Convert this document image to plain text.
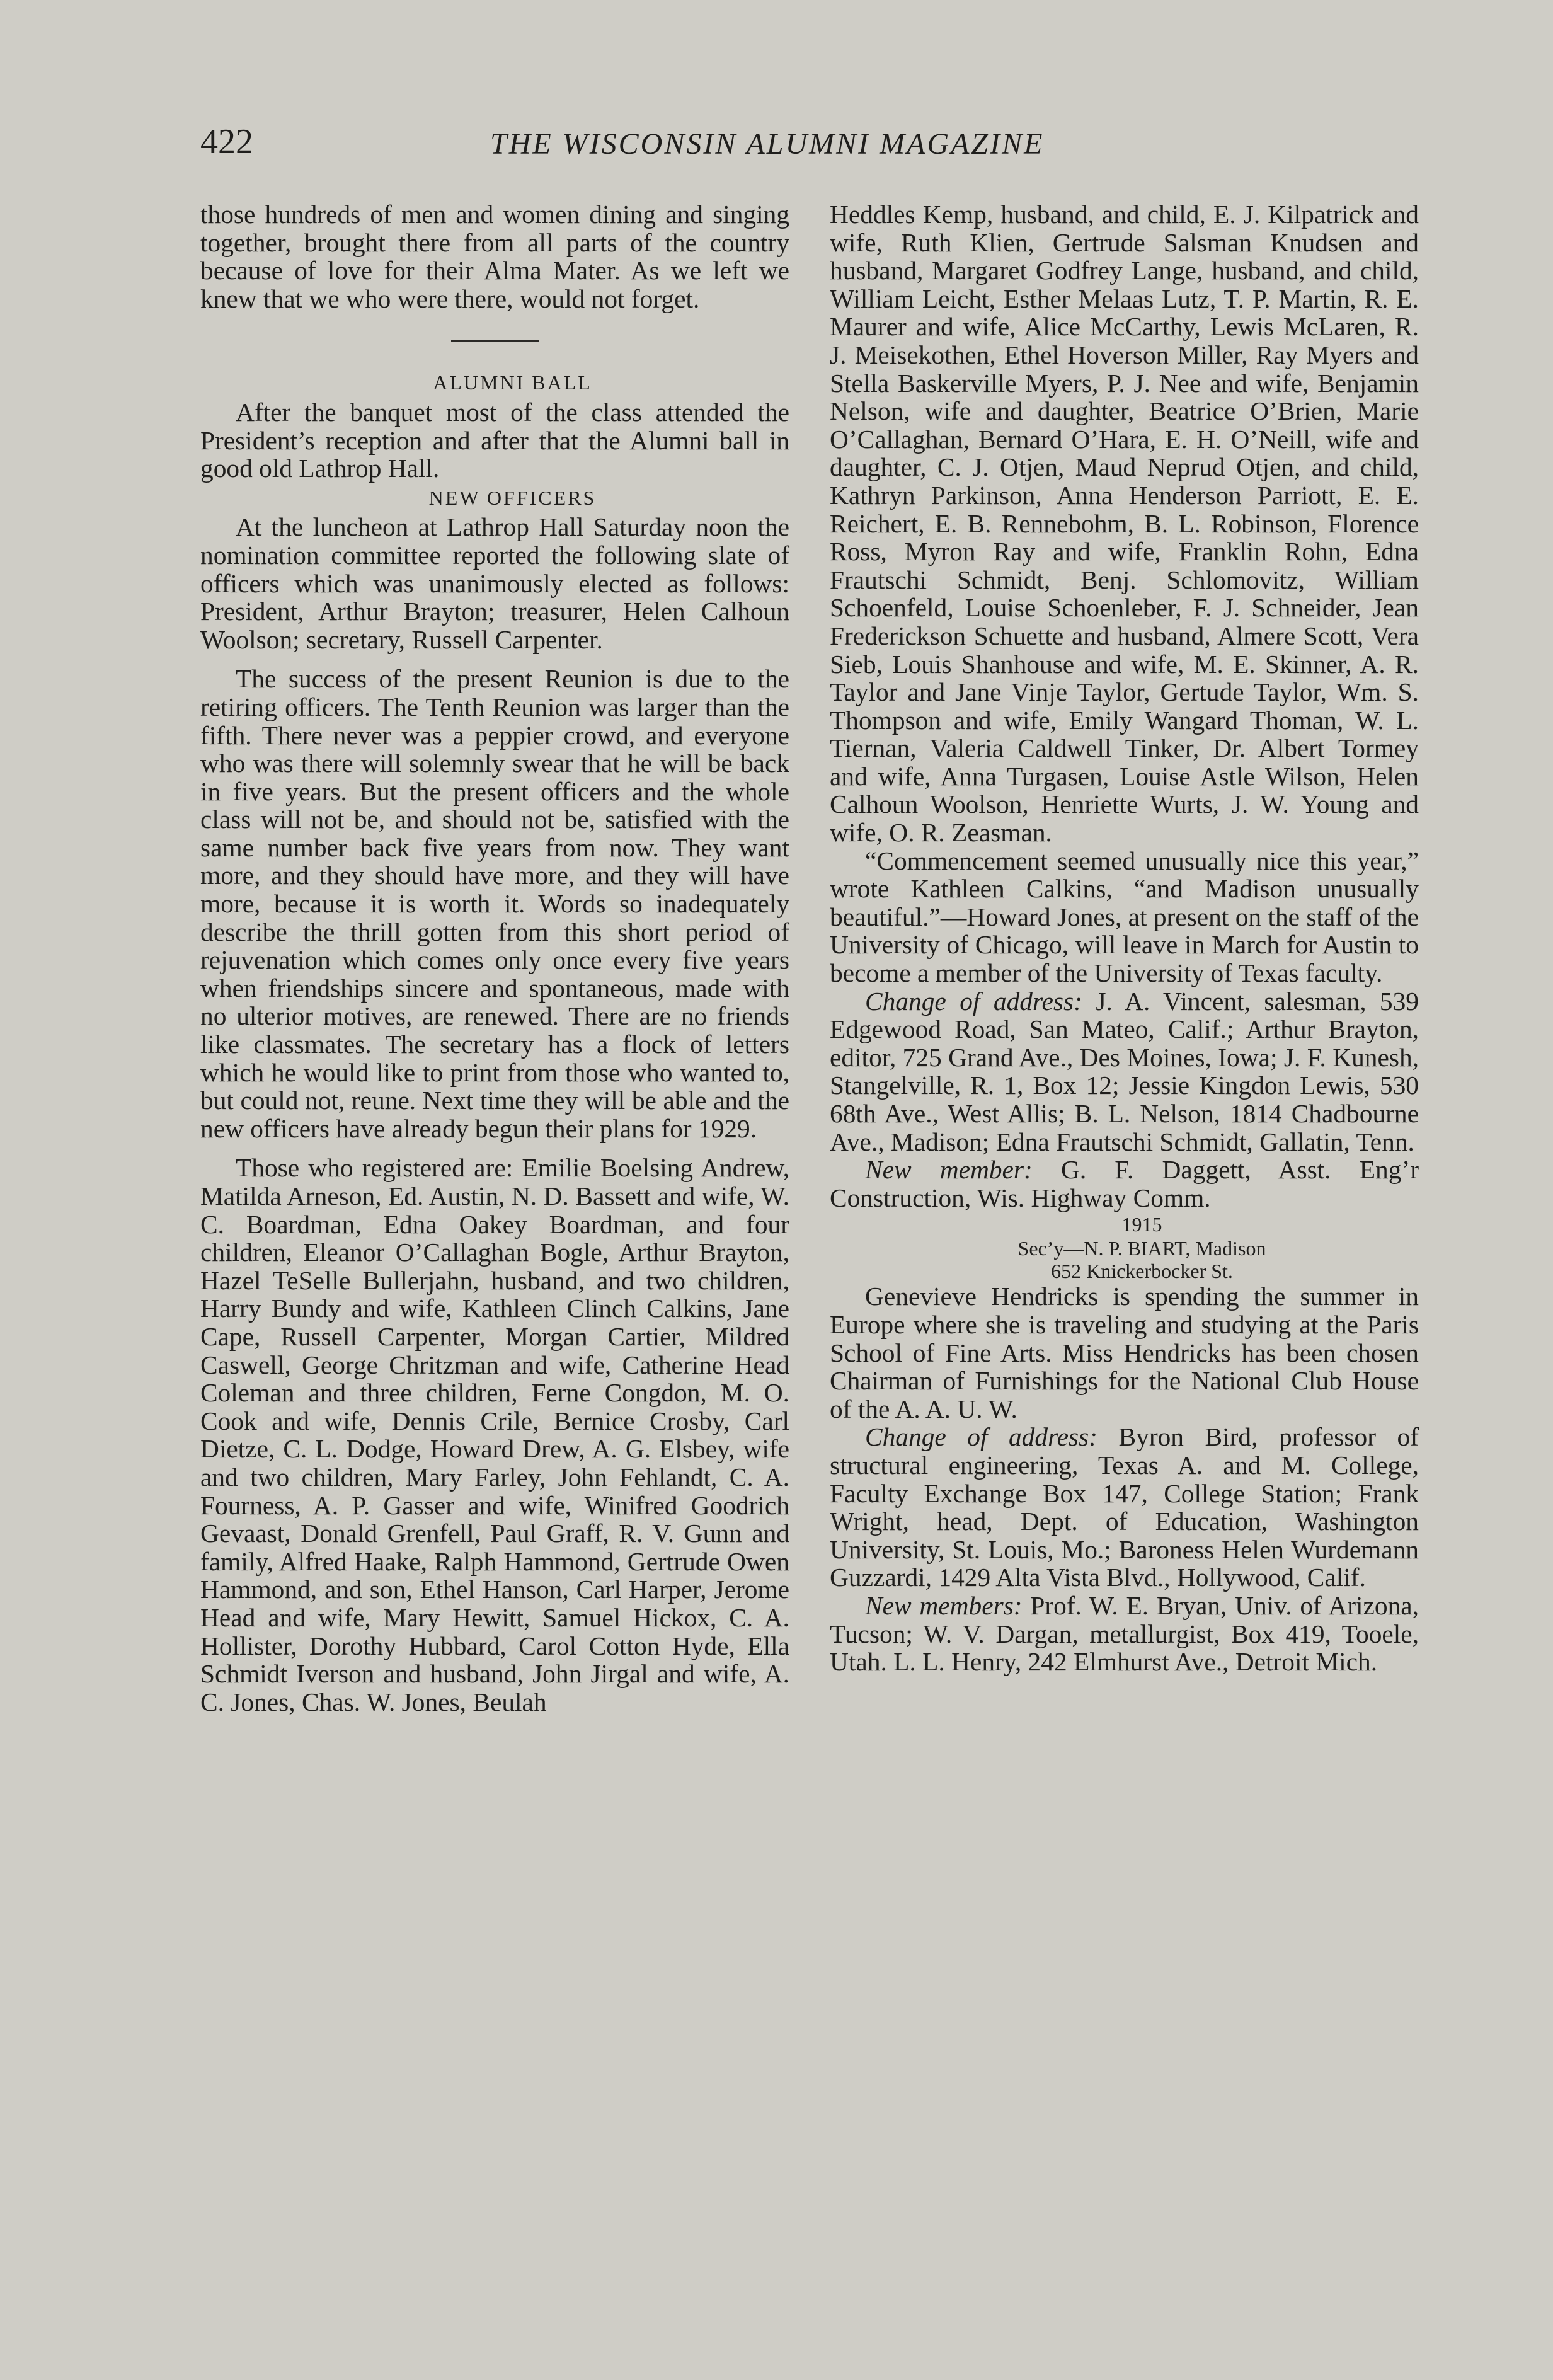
422	THE WISCONSIN ALUMNI MAGAZINE

those hundreds of men and women dining and singing together, brought there from all parts of the country because of love for their Alma Mater. As we left we knew that we who were there, would not forget.

ALUMNI BALL

After the banquet most of the class attended the President’s reception and after that the Alumni ball in good old Lathrop Hall.

NEW OFFICERS

At the luncheon at Lathrop Hall Saturday noon the nomination committee reported the following slate of officers which was unanimously elected as follows: President, Arthur Brayton; treasurer, Helen Calhoun Woolson; secretary, Russell Carpenter.

The success of the present Reunion is due to the retiring officers. The Tenth Reunion was larger than the fifth. There never was a peppier crowd, and everyone who was there will solemnly swear that he will be back in five years. But the present officers and the whole class will not be, and should not be, satisfied with the same number back five years from now. They want more, and they should have more, and they will have more, because it is worth it. Words so inadequately describe the thrill gotten from this short period of rejuvenation which comes only once every five years when friendships sincere and spontaneous, made with no ulterior motives, are renewed. There are no friends like classmates. The secretary has a flock of letters which he would like to print from those who wanted to, but could not, reune. Next time they will be able and the new officers have already begun their plans for 1929.

Those who registered are: Emilie Boelsing Andrew, Matilda Arneson, Ed. Austin, N. D. Bassett and wife, W. C. Boardman, Edna Oakey Boardman, and four children, Eleanor O’Callaghan Bogle, Arthur Brayton, Hazel TeSelle Bullerjahn, husband, and two children, Harry Bundy and wife, Kathleen Clinch Calkins, Jane Cape, Russell Carpenter, Morgan Cartier, Mildred Caswell, George Chritzman and wife, Catherine Head Coleman and three children, Ferne Congdon, M. O. Cook and wife, Dennis Crile, Bernice Crosby, Carl Dietze, C. L. Dodge, Howard Drew, A. G. Elsbey, wife and two children, Mary Farley, John Fehlandt, C. A. Fourness, A. P. Gasser and wife, Winifred Goodrich Gevaast, Donald Grenfell, Paul Graff, R. V. Gunn and family, Alfred Haake, Ralph Hammond, Gertrude Owen Hammond, and son, Ethel Hanson, Carl Harper, Jerome Head and wife, Mary Hewitt, Samuel Hickox, C. A. Hollister, Dorothy Hubbard, Carol Cotton Hyde, Ella Schmidt Iverson and husband, John Jirgal and wife, A. C. Jones, Chas. W. Jones, Beulah

Heddles Kemp, husband, and child, E. J. Kilpatrick and wife, Ruth Klien, Gertrude Salsman Knudsen and husband, Margaret Godfrey Lange, husband, and child, William Leicht, Esther Melaas Lutz, T. P. Martin, R. E. Maurer and wife, Alice McCarthy, Lewis McLaren, R. J. Meisekothen, Ethel Hoverson Miller, Ray Myers and Stella Baskerville Myers, P. J. Nee and wife, Benjamin Nelson, wife and daughter, Beatrice O’Brien, Marie O’Callaghan, Bernard O’Hara, E. H. O’Neill, wife and daughter, C. J. Otjen, Maud Neprud Otjen, and child, Kathryn Parkinson, Anna Henderson Parriott, E. E. Reichert, E. B. Rennebohm, B. L. Robinson, Florence Ross, Myron Ray and wife, Franklin Rohn, Edna Frautschi Schmidt, Benj. Schlomovitz, William Schoenfeld, Louise Schoenleber, F. J. Schneider, Jean Frederickson Schuette and husband, Almere Scott, Vera Sieb, Louis Shanhouse and wife, M. E. Skinner, A. R. Taylor and Jane Vinje Taylor, Gertude Taylor, Wm. S. Thompson and wife, Emily Wangard Thoman, W. L. Tiernan, Valeria Caldwell Tinker, Dr. Albert Tormey and wife, Anna Turgasen, Louise Astle Wilson, Helen Calhoun Woolson, Henriette Wurts, J. W. Young and wife, O. R. Zeasman.

“Commencement seemed unusually nice this year,” wrote Kathleen Calkins, “and Madison unusually beautiful.”—Howard Jones, at present on the staff of the University of Chicago, will leave in March for Austin to become a member of the University of Texas faculty.

Change of address: J. A. Vincent, salesman, 539 Edgewood Road, San Mateo, Calif.; Arthur Brayton, editor, 725 Grand Ave., Des Moines, Iowa; J. F. Kunesh, Stangelville, R. 1, Box 12; Jessie Kingdon Lewis, 530 68th Ave., West Allis; B. L. Nelson, 1814 Chadbourne Ave., Madison; Edna Frautschi Schmidt, Gallatin, Tenn.

New member: G. F. Daggett, Asst. Eng’r Construction, Wis. Highway Comm.

1915

Sec’y—N. P. BIART, Madison

652 Knickerbocker St.

Genevieve Hendricks is spending the summer in Europe where she is traveling and studying at the Paris School of Fine Arts. Miss Hendricks has been chosen Chairman of Furnishings for the National Club House of the A. A. U. W.

Change of address: Byron Bird, professor of structural engineering, Texas A. and M. College, Faculty Exchange Box 147, College Station; Frank Wright, head, Dept. of Education, Washington University, St. Louis, Mo.; Baroness Helen Wurdemann Guzzardi, 1429 Alta Vista Blvd., Hollywood, Calif.

New members: Prof. W. E. Bryan, Univ. of Arizona, Tucson; W. V. Dargan, metallurgist, Box 419, Tooele, Utah. L. L. Henry, 242 Elmhurst Ave., Detroit Mich.
